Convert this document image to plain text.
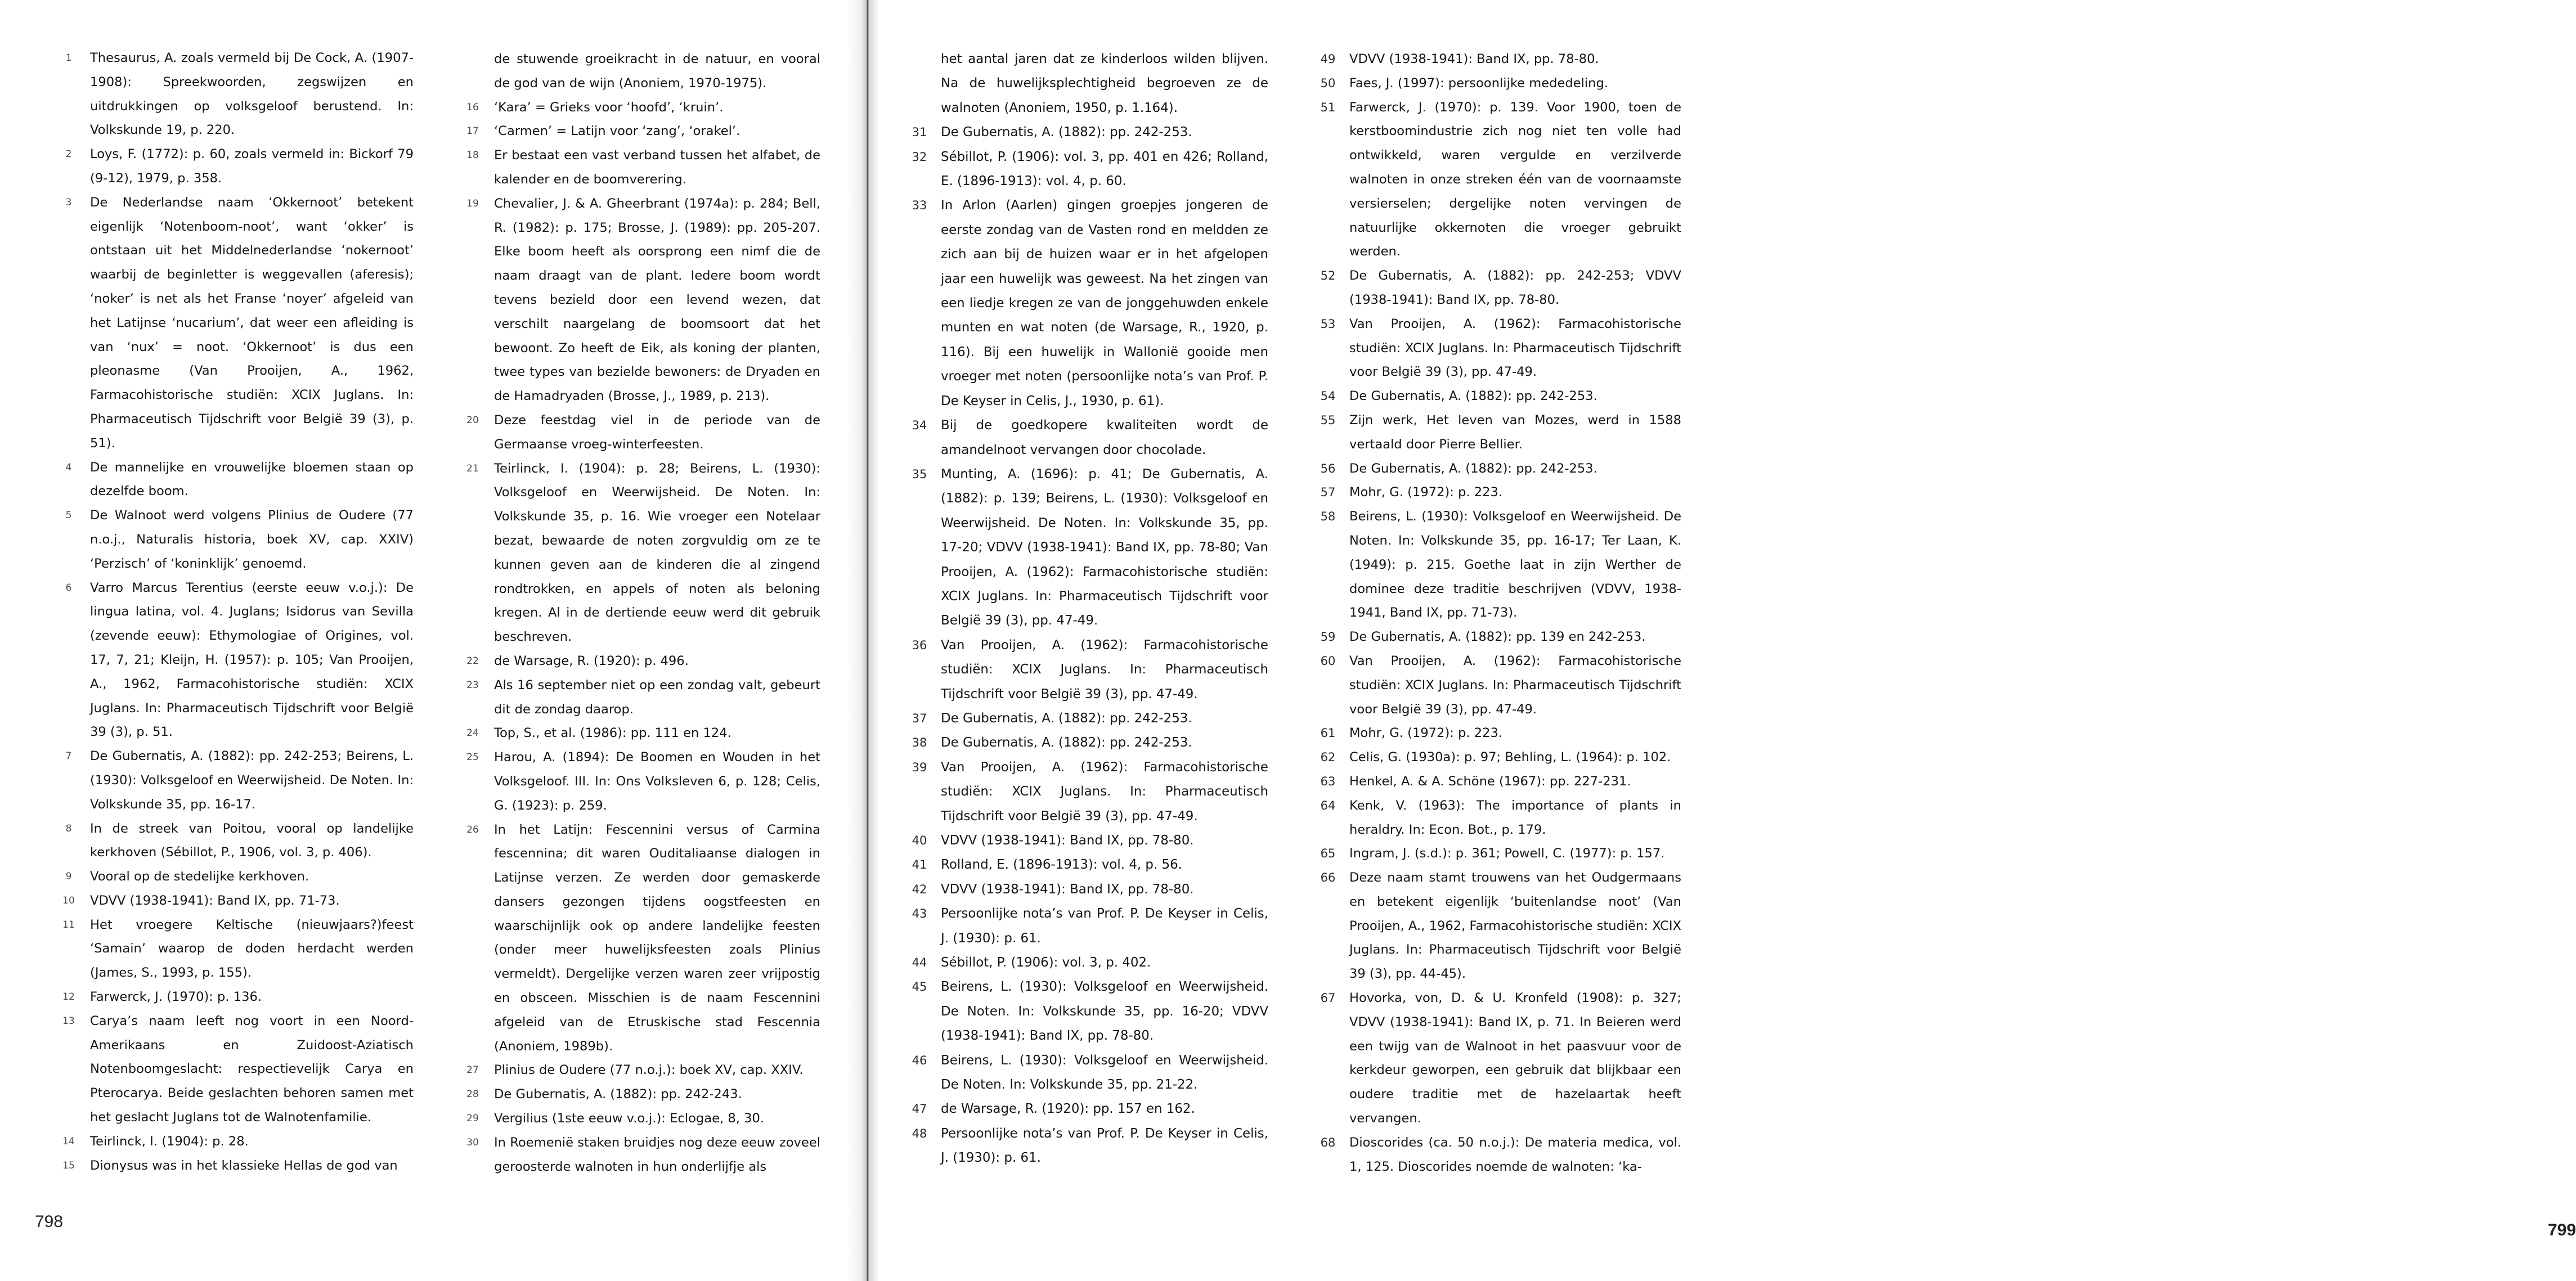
1	Thesaurus, A. zoals vermeld bij De Cock, A. (1907-1908): Spreekwoorden, zegswijzen en uitdrukkingen op volksgeloof berustend. In: Volkskunde 19, p. 220.
2	Loys, F. (1772): p. 60, zoals vermeld in: Bickorf 79 (9-12), 1979, p. 358.
3	De Nederlandse naam ‘Okkernoot’ betekent eigenlijk ‘Notenboom-noot’, want ‘okker’ is ontstaan uit het Middelnederlandse ‘nokernoot’ waarbij de beginletter is weggevallen (aferesis); ‘noker’ is net als het Franse ‘noyer’ afgeleid van het Latijnse ‘nucarium’, dat weer een afleiding is van ‘nux’ = noot. ‘Okkernoot’ is dus een pleonasme (Van Prooijen, A., 1962, Farmacohistorische studiën: XCIX Juglans. In: Pharmaceutisch Tijdschrift voor België 39 (3), p. 51).
4	De mannelijke en vrouwelijke bloemen staan op dezelfde boom.
5	De Walnoot werd volgens Plinius de Oudere (77 n.o.j., Naturalis historia, boek XV, cap. XXIV) ‘Perzisch’ of ‘koninklijk’ genoemd.
6	Varro Marcus Terentius (eerste eeuw v.o.j.): De lingua latina, vol. 4. Juglans; Isidorus van Sevilla (zevende eeuw): Ethymologiae of Origines, vol. 17, 7, 21; Kleijn, H. (1957): p. 105; Van Prooijen, A., 1962, Farmacohistorische studiën: XCIX Juglans. In: Pharmaceutisch Tijdschrift voor België 39 (3), p. 51.
7	De Gubernatis, A. (1882): pp. 242-253; Beirens, L. (1930): Volksgeloof en Weerwijsheid. De Noten. In: Volkskunde 35, pp. 16-17.
8	In de streek van Poitou, vooral op landelijke kerkhoven (Sébillot, P., 1906, vol. 3, p. 406).
9	Vooral op de stedelijke kerkhoven.
10	VDVV (1938-1941): Band IX, pp. 71-73.
11	Het vroegere Keltische (nieuwjaars?)feest ‘Samain’ waarop de doden herdacht werden (James, S., 1993, p. 155).
12	Farwerck, J. (1970): p. 136.
13	Carya’s naam leeft nog voort in een Noord-Amerikaans en Zuidoost-Aziatisch Notenboomgeslacht: respectievelijk Carya en Pterocarya. Beide geslachten behoren samen met het geslacht Juglans tot de Walnotenfamilie.
14	Teirlinck, I. (1904): p. 28.
15	Dionysus was in het klassieke Hellas de god van
de stuwende groeikracht in de natuur, en vooral de god van de wijn (Anoniem, 1970-1975).
16	‘Kara’ = Grieks voor ‘hoofd’, ‘kruin’.
17	‘Carmen’ = Latijn voor ‘zang’, ‘orakel’.
18	Er bestaat een vast verband tussen het alfabet, de kalender en de boomverering.
19	Chevalier, J. & A. Gheerbrant (1974a): p. 284; Bell, R. (1982): p. 175; Brosse, J. (1989): pp. 205-207. Elke boom heeft als oorsprong een nimf die de naam draagt van de plant. Iedere boom wordt tevens bezield door een levend wezen, dat verschilt naargelang de boomsoort dat het bewoont. Zo heeft de Eik, als koning der planten, twee types van bezielde bewoners: de Dryaden en de Hamadryaden (Brosse, J., 1989, p. 213).
20	Deze feestdag viel in de periode van de Germaanse vroeg-winterfeesten.
21	Teirlinck, I. (1904): p. 28; Beirens, L. (1930): Volksgeloof en Weerwijsheid. De Noten. In: Volkskunde 35, p. 16. Wie vroeger een Notelaar bezat, bewaarde de noten zorgvuldig om ze te kunnen geven aan de kinderen die al zingend rondtrokken, en appels of noten als beloning kregen. Al in de dertiende eeuw werd dit gebruik beschreven.
22	de Warsage, R. (1920): p. 496.
23	Als 16 september niet op een zondag valt, gebeurt dit de zondag daarop.
24	Top, S., et al. (1986): pp. 111 en 124.
25	Harou, A. (1894): De Boomen en Wouden in het Volksgeloof. III. In: Ons Volksleven 6, p. 128; Celis, G. (1923): p. 259.
26	In het Latijn: Fescennini versus of Carmina fescennina; dit waren Ouditaliaanse dialogen in Latijnse verzen. Ze werden door gemaskerde dansers gezongen tijdens oogstfeesten en waarschijnlijk ook op andere landelijke feesten (onder meer huwelijksfeesten zoals Plinius vermeldt). Dergelijke verzen waren zeer vrijpostig en obsceen. Misschien is de naam Fescennini afgeleid van de Etruskische stad Fescennia (Anoniem, 1989b).
27	Plinius de Oudere (77 n.o.j.): boek XV, cap. XXIV.
28	De Gubernatis, A. (1882): pp. 242-243.
29	Vergilius (1ste eeuw v.o.j.): Eclogae, 8, 30.
30	In Roemenië staken bruidjes nog deze eeuw zoveel geroosterde walnoten in hun onderlijfje als
798
het aantal jaren dat ze kinderloos wilden blijven. Na de huwelijksplechtigheid begroeven ze de walnoten (Anoniem, 1950, p. 1.164).
31	De Gubernatis, A. (1882): pp. 242-253.
32	Sébillot, P. (1906): vol. 3, pp. 401 en 426; Rolland, E. (1896-1913): vol. 4, p. 60.
33	In Arlon (Aarlen) gingen groepjes jongeren de eerste zondag van de Vasten rond en meldden ze zich aan bij de huizen waar er in het afgelopen jaar een huwelijk was geweest. Na het zingen van een liedje kregen ze van de jonggehuwden enkele munten en wat noten (de Warsage, R., 1920, p. 116). Bij een huwelijk in Wallonië gooide men vroeger met noten (persoonlijke nota’s van Prof. P. De Keyser in Celis, J., 1930, p. 61).
34	Bij de goedkopere kwaliteiten wordt de amandelnoot vervangen door chocolade.
35	Munting, A. (1696): p. 41; De Gubernatis, A. (1882): p. 139; Beirens, L. (1930): Volksgeloof en Weerwijsheid. De Noten. In: Volkskunde 35, pp. 17-20; VDVV (1938-1941): Band IX, pp. 78-80; Van Prooijen, A. (1962): Farmacohistorische studiën: XCIX Juglans. In: Pharmaceutisch Tijdschrift voor België 39 (3), pp. 47-49.
36	Van Prooijen, A. (1962): Farmacohistorische studiën: XCIX Juglans. In: Pharmaceutisch Tijdschrift voor België 39 (3), pp. 47-49.
37	De Gubernatis, A. (1882): pp. 242-253.
38	De Gubernatis, A. (1882): pp. 242-253.
39	Van Prooijen, A. (1962): Farmacohistorische studiën: XCIX Juglans. In: Pharmaceutisch Tijdschrift voor België 39 (3), pp. 47-49.
40	VDVV (1938-1941): Band IX, pp. 78-80.
41	Rolland, E. (1896-1913): vol. 4, p. 56.
42	VDVV (1938-1941): Band IX, pp. 78-80.
43	Persoonlijke nota’s van Prof. P. De Keyser in Celis, J. (1930): p. 61.
44	Sébillot, P. (1906): vol. 3, p. 402.
45	Beirens, L. (1930): Volksgeloof en Weerwijsheid. De Noten. In: Volkskunde 35, pp. 16-20; VDVV (1938-1941): Band IX, pp. 78-80.
46	Beirens, L. (1930): Volksgeloof en Weerwijsheid. De Noten. In: Volkskunde 35, pp. 21-22.
47	de Warsage, R. (1920): pp. 157 en 162.
48	Persoonlijke nota’s van Prof. P. De Keyser in Celis, J. (1930): p. 61.
49	VDVV (1938-1941): Band IX, pp. 78-80.
50	Faes, J. (1997): persoonlijke mededeling.
51	Farwerck, J. (1970): p. 139. Voor 1900, toen de kerstboomindustrie zich nog niet ten volle had ontwikkeld, waren vergulde en verzilverde walnoten in onze streken één van de voornaamste versierselen; dergelijke noten vervingen de natuurlijke okkernoten die vroeger gebruikt werden.
52	De Gubernatis, A. (1882): pp. 242-253; VDVV (1938-1941): Band IX, pp. 78-80.
53	Van Prooijen, A. (1962): Farmacohistorische studiën: XCIX Juglans. In: Pharmaceutisch Tijdschrift voor België 39 (3), pp. 47-49.
54	De Gubernatis, A. (1882): pp. 242-253.
55	Zijn werk, Het leven van Mozes, werd in 1588 vertaald door Pierre Bellier.
56	De Gubernatis, A. (1882): pp. 242-253.
57	Mohr, G. (1972): p. 223.
58	Beirens, L. (1930): Volksgeloof en Weerwijsheid. De Noten. In: Volkskunde 35, pp. 16-17; Ter Laan, K. (1949): p. 215. Goethe laat in zijn Werther de dominee deze traditie beschrijven (VDVV, 1938-1941, Band IX, pp. 71-73).
59	De Gubernatis, A. (1882): pp. 139 en 242-253.
60	Van Prooijen, A. (1962): Farmacohistorische studiën: XCIX Juglans. In: Pharmaceutisch Tijdschrift voor België 39 (3), pp. 47-49.
61	Mohr, G. (1972): p. 223.
62	Celis, G. (1930a): p. 97; Behling, L. (1964): p. 102.
63	Henkel, A. & A. Schöne (1967): pp. 227-231.
64	Kenk, V. (1963): The importance of plants in heraldry. In: Econ. Bot., p. 179.
65	Ingram, J. (s.d.): p. 361; Powell, C. (1977): p. 157.
66	Deze naam stamt trouwens van het Oudgermaans en betekent eigenlijk ‘buitenlandse noot’ (Van Prooijen, A., 1962, Farmacohistorische studiën: XCIX Juglans. In: Pharmaceutisch Tijdschrift voor België 39 (3), pp. 44-45).
67	Hovorka, von, D. & U. Kronfeld (1908): p. 327; VDVV (1938-1941): Band IX, p. 71. In Beieren werd een twijg van de Walnoot in het paasvuur voor de kerkdeur geworpen, een gebruik dat blijkbaar een oudere traditie met de hazelaartak heeft vervangen.
68	Dioscorides (ca. 50 n.o.j.): De materia medica, vol. 1, 125. Dioscorides noemde de walnoten: ‘ka-
799
